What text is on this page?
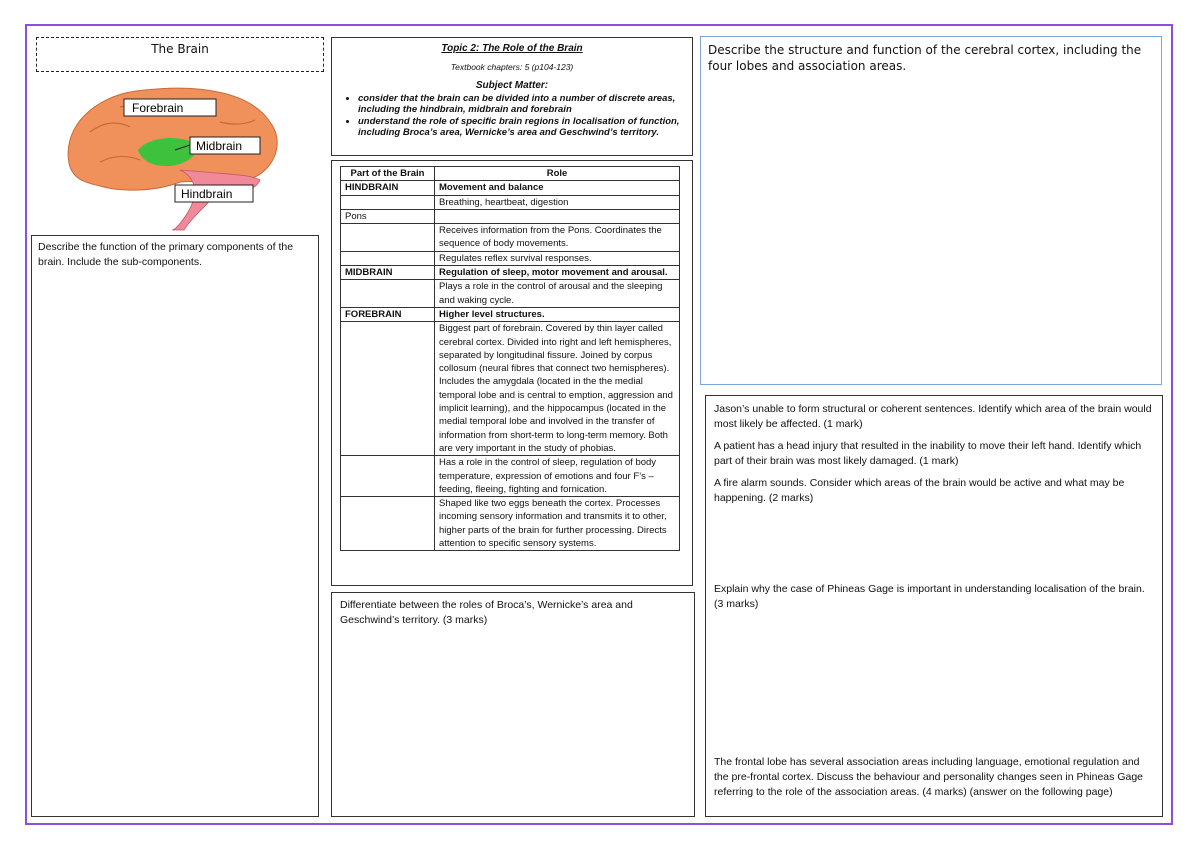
The Brain
Forebrain
Midbrain
Hindbrain
Describe the function of the primary components of the brain. Include the sub-components.
Topic 2: The Role of the Brain
Textbook chapters: 5 (p104-123)
Subject Matter:
• consider that the brain can be divided into a number of discrete areas, including the hindbrain, midbrain and forebrain
• understand the role of specific brain regions in localisation of function, including Broca’s area, Wernicke’s area and Geschwind’s territory.
Part of the Brain	Role
HINDBRAIN	Movement and balance
	Breathing, heartbeat, digestion
Pons	
	Receives information from the Pons. Coordinates the sequence of body movements.
	Regulates reflex survival responses.
MIDBRAIN	Regulation of sleep, motor movement and arousal.
	Plays a role in the control of arousal and the sleeping and waking cycle.
FOREBRAIN	Higher level structures.
	Biggest part of forebrain. Covered by thin layer called cerebral cortex. Divided into right and left hemispheres, separated by longitudinal fissure. Joined by corpus collosum (neural fibres that connect two hemispheres). Includes the amygdala (located in the the medial temporal lobe and is central to emption, aggression and implicit learning), and the hippocampus (located in the medial temporal lobe and involved in the transfer of information from short-term to long-term memory. Both are very important in the study of phobias.
	Has a role in the control of sleep, regulation of body temperature, expression of emotions and four F’s – feeding, fleeing, fighting and fornication.
	Shaped like two eggs beneath the cortex. Processes incoming sensory information and transmits it to other, higher parts of the brain for further processing. Directs attention to specific sensory systems.
Differentiate between the roles of Broca’s, Wernicke’s area and Geschwind’s territory. (3 marks)
Describe the structure and function of the cerebral cortex, including the four lobes and association areas.
Jason’s unable to form structural or coherent sentences. Identify which area of the brain would most likely be affected. (1 mark)
A patient has a head injury that resulted in the inability to move their left hand. Identify which part of their brain was most likely damaged. (1 mark)
A fire alarm sounds. Consider which areas of the brain would be active and what may be happening. (2 marks)
Explain why the case of Phineas Gage is important in understanding localisation of the brain. (3 marks)
The frontal lobe has several association areas including language, emotional regulation and the pre-frontal cortex. Discuss the behaviour and personality changes seen in Phineas Gage referring to the role of the association areas. (4 marks) (answer on the following page)
